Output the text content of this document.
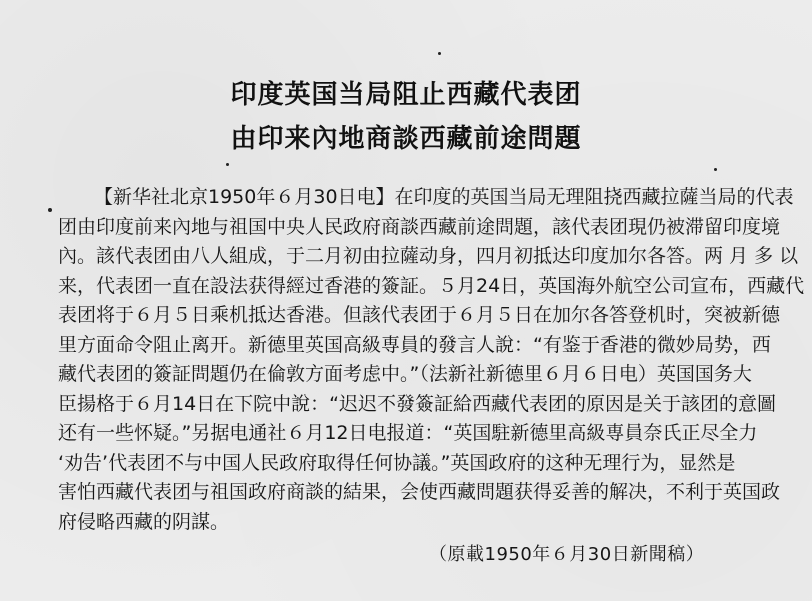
印度英国当局阻止西藏代表团
由印来內地商談西藏前途問題
【新华社北京1950年６月30日电】在印度的英国当局无理阻挠西藏拉薩当局的代表
团由印度前来內地与祖国中央人民政府商談西藏前途問題，該代表团現仍被滞留印度境
內。該代表团由八人組成，于二月初由拉薩动身，四月初抵达印度加尔各答。两 月 多 以
来，代表团一直在設法获得經过香港的簽証。５月24日，英国海外航空公司宣布，西藏代
表团将于６月５日乘机抵达香港。但該代表团于６月５日在加尔各答登机时，突被新德
里方面命令阻止离开。新德里英国高級専員的發言人說：“有鉴于香港的微妙局势，西
藏代表团的簽証問題仍在倫敦方面考虑中。”（法新社新德里６月６日电）英国国务大
臣揚格于６月14日在下院中說：“迟迟不發簽証給西藏代表团的原因是关于該团的意圖
还有一些怀疑。”另据电通社６月12日电报道：“英国駐新德里高級専員奈氏正尽全力
‘劝告’代表团不与中国人民政府取得任何协議。”英国政府的这种无理行为，显然是
害怕西藏代表团与祖国政府商談的結果，会使西藏問題获得妥善的解决，不利于英国政
府侵略西藏的阴謀。
（原載1950年６月30日新聞稿）
